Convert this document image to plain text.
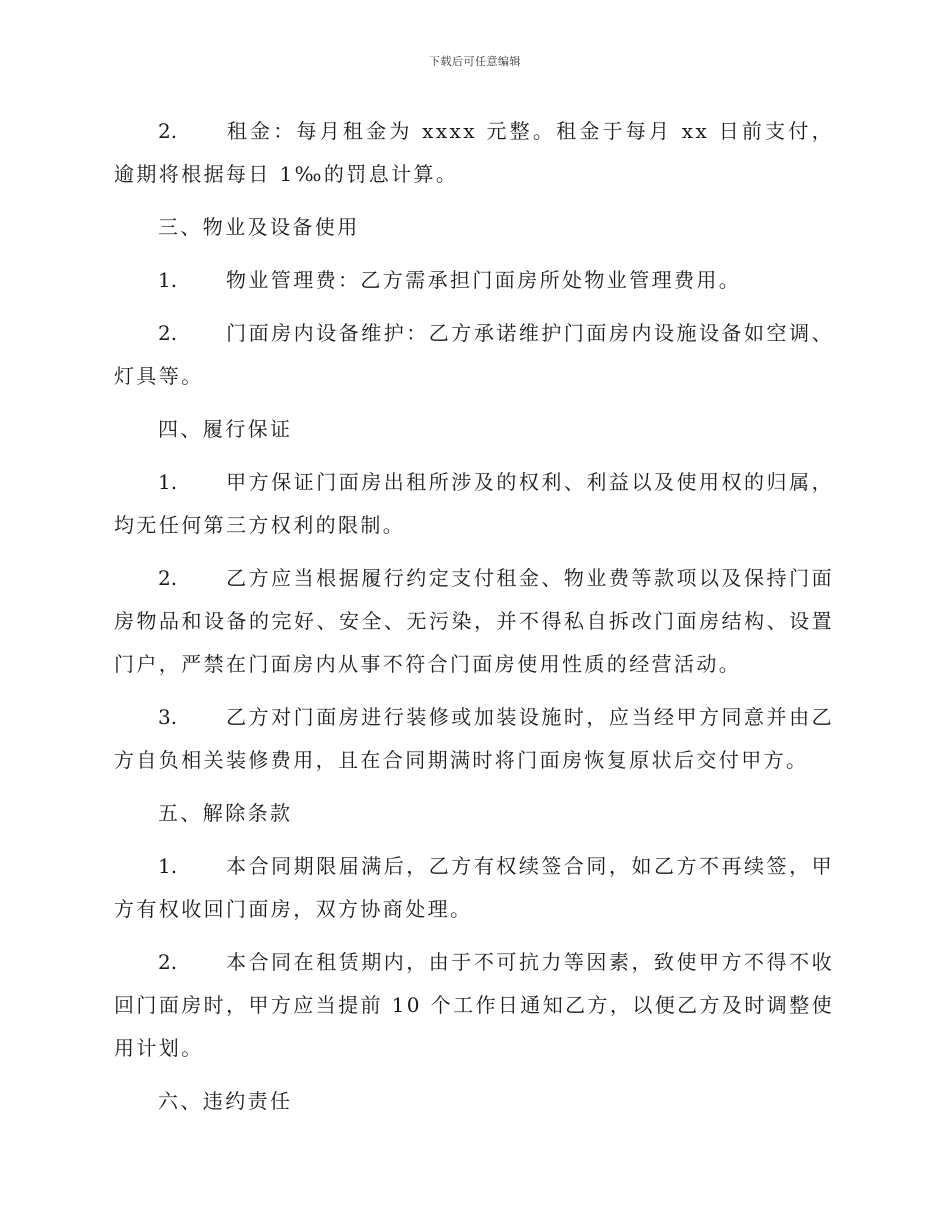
下载后可任意编辑

2. 租金：每月租金为 xxxx 元整。租金于每月 xx 日前支付，逾期将根据每日 1‰的罚息计算。

三、物业及设备使用

1. 物业管理费：乙方需承担门面房所处物业管理费用。

2. 门面房内设备维护：乙方承诺维护门面房内设施设备如空调、灯具等。

四、履行保证

1. 甲方保证门面房出租所涉及的权利、利益以及使用权的归属，均无任何第三方权利的限制。

2. 乙方应当根据履行约定支付租金、物业费等款项以及保持门面房物品和设备的完好、安全、无污染，并不得私自拆改门面房结构、设置门户，严禁在门面房内从事不符合门面房使用性质的经营活动。

3. 乙方对门面房进行装修或加装设施时，应当经甲方同意并由乙方自负相关装修费用，且在合同期满时将门面房恢复原状后交付甲方。

五、解除条款

1. 本合同期限届满后，乙方有权续签合同，如乙方不再续签，甲方有权收回门面房，双方协商处理。

2. 本合同在租赁期内，由于不可抗力等因素，致使甲方不得不收回门面房时，甲方应当提前 10 个工作日通知乙方，以便乙方及时调整使用计划。

六、违约责任
